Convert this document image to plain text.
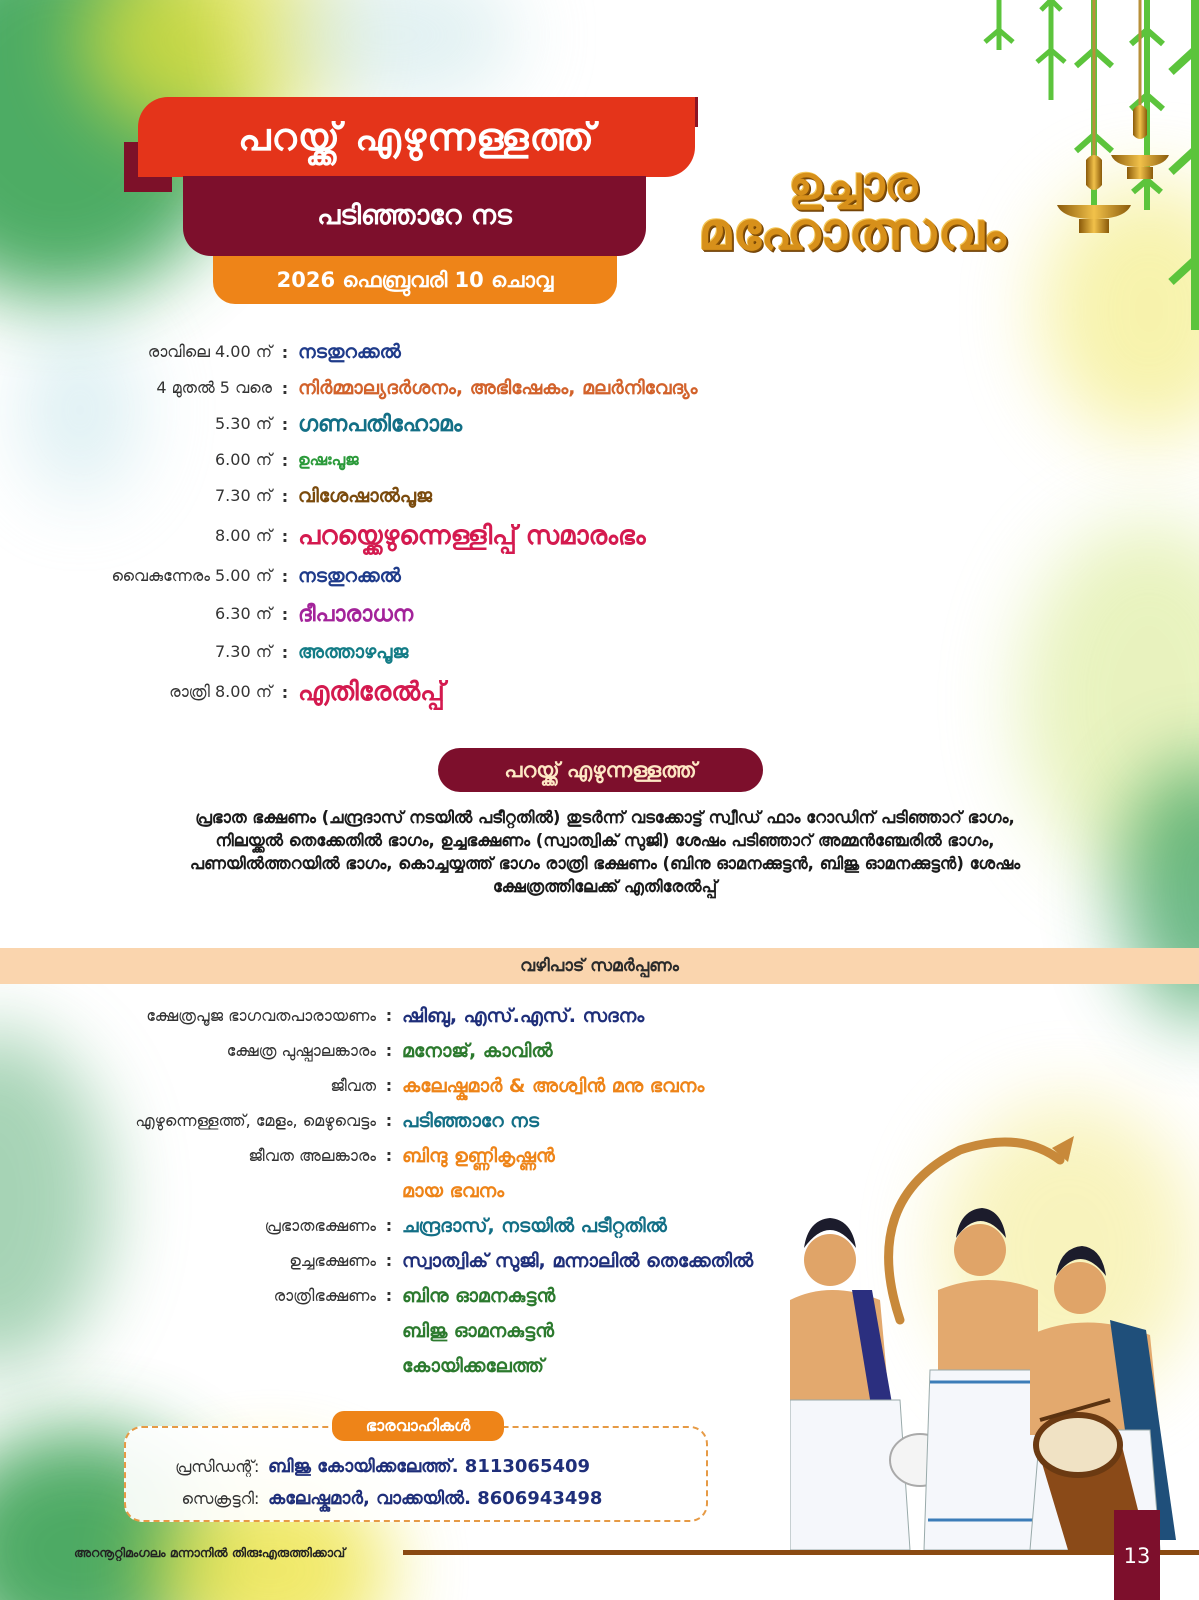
പറയ്ക്ക് എഴുന്നള്ളത്ത്
പടിഞ്ഞാറേ നട
2026 ഫെബ്രുവരി 10 ചൊവ്വ
ഉച്ചാര
മഹോത്സവം
രാവിലെ 4.00 ന് : നടതുറക്കൽ
4 മുതൽ 5 വരെ : നിർമ്മാല്യദർശനം, അഭിഷേകം, മലർനിവേദ്യം
5.30 ന് : ഗണപതിഹോമം
6.00 ന് : ഉഷഃപൂജ
7.30 ന് : വിശേഷാൽപൂജ
8.00 ന് : പറയ്ക്കെഴുന്നെള്ളിപ്പ് സമാരംഭം
വൈകുന്നേരം 5.00 ന് : നടതുറക്കൽ
6.30 ന് : ദീപാരാധന
7.30 ന് : അത്താഴപൂജ
രാത്രി 8.00 ന് : എതിരേൽപ്പ്
പറയ്ക്ക് എഴുന്നള്ളത്ത്
പ്രഭാത ഭക്ഷണം (ചന്ദ്രദാസ് നടയിൽ പടീറ്റതിൽ) തുടർന്ന് വടക്കോട്ട് സ്വീഡ് ഫാം റോഡിന് പടിഞ്ഞാറ് ഭാഗം,
നിലയ്ക്കൽ തെക്കേതിൽ ഭാഗം, ഉച്ചഭക്ഷണം (സ്വാത്വിക് സുജി) ശേഷം പടിഞ്ഞാറ് അമ്മൻഞ്ചേരിൽ ഭാഗം,
പണയിൽത്തറയിൽ ഭാഗം, കൊച്ചയ്യത്ത് ഭാഗം രാത്രി ഭക്ഷണം (ബിനു ഓമനക്കുട്ടൻ, ബിജു ഓമനക്കുട്ടൻ) ശേഷം
ക്ഷേത്രത്തിലേക്ക് എതിരേൽപ്പ്
വഴിപാട് സമർപ്പണം
ക്ഷേത്രപൂജ ഭാഗവതപാരായണം : ഷിബു, എസ്.എസ്. സദനം
ക്ഷേത്ര പുഷ്പാലങ്കാരം : മനോജ്, കാവിൽ
ജീവത : കലേഷ്കുമാർ & അശ്വിൻ മനു ഭവനം
എഴുന്നെള്ളത്ത്, മേളം, മെഴുവെട്ടം : പടിഞ്ഞാറേ നട
ജീവത അലങ്കാരം : ബിന്ദു ഉണ്ണികൃഷ്ണൻ
മായ ഭവനം
പ്രഭാതഭക്ഷണം : ചന്ദ്രദാസ്, നടയിൽ പടീറ്റതിൽ
ഉച്ചഭക്ഷണം : സ്വാത്വിക് സുജി, മന്നാലിൽ തെക്കേതിൽ
രാത്രിഭക്ഷണം : ബിനു ഓമനകുട്ടൻ
ബിജു ഓമനകുട്ടൻ
കോയിക്കലേത്ത്
പ്രസിഡന്റ് : ബിജു കോയിക്കലേത്ത്. 8113065409
സെക്രട്ടറി : കലേഷ്കുമാർ, വാക്കയിൽ. 8606943498
ഭാരവാഹികൾ
അറനൂറ്റിമംഗലം മന്നാനിൽ തിരുഃഎരുത്തിക്കാവ്	13
